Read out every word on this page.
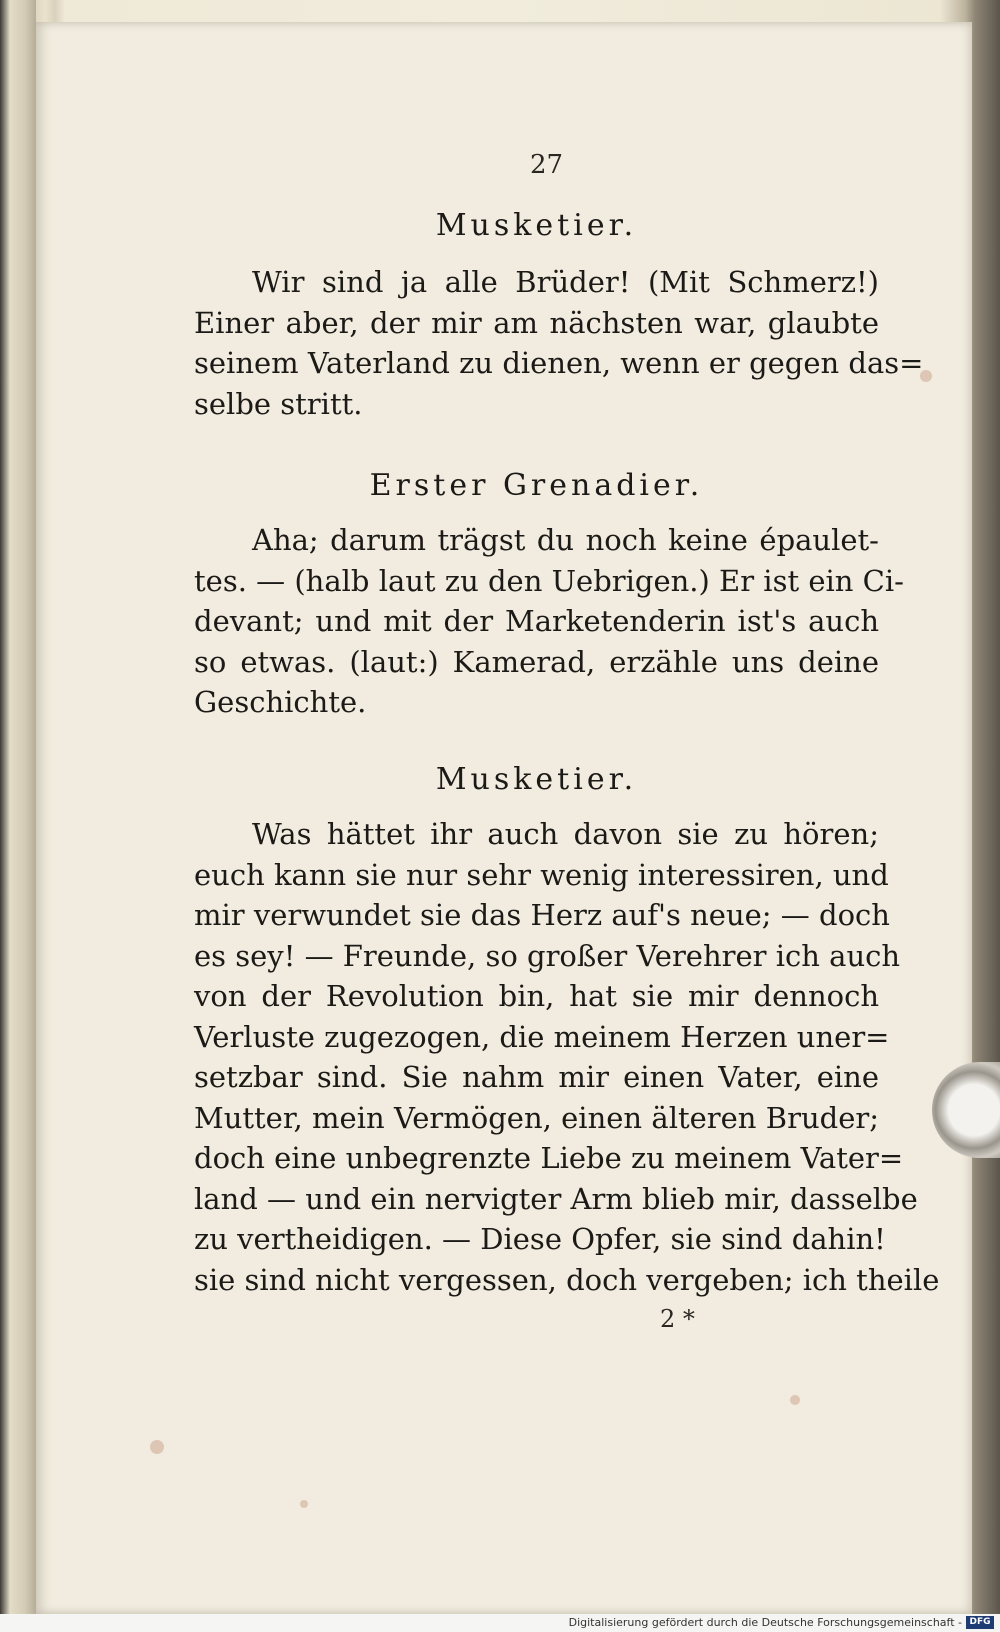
27
Musketier.
Wir sind ja alle Brüder! (Mit Schmerz!)
Einer aber, der mir am nächsten war, glaubte
seinem Vaterland zu dienen, wenn er gegen das=
selbe stritt.
Erster Grenadier.
Aha; darum trägst du noch keine épaulet-
tes. — (halb laut zu den Uebrigen.) Er ist ein Ci-
devant; und mit der Marketenderin ist's auch
so etwas. (laut:) Kamerad, erzähle uns deine
Geschichte.
Musketier.
Was hättet ihr auch davon sie zu hören;
euch kann sie nur sehr wenig interessiren, und
mir verwundet sie das Herz auf's neue; — doch
es sey! — Freunde, so großer Verehrer ich auch
von der Revolution bin, hat sie mir dennoch
Verluste zugezogen, die meinem Herzen uner=
setzbar sind. Sie nahm mir einen Vater, eine
Mutter, mein Vermögen, einen älteren Bruder;
doch eine unbegrenzte Liebe zu meinem Vater=
land — und ein nervigter Arm blieb mir, dasselbe
zu vertheidigen. — Diese Opfer, sie sind dahin!
sie sind nicht vergessen, doch vergeben; ich theile
2 *
Digitalisierung gefördert durch die Deutsche Forschungsgemeinschaft - DFG
